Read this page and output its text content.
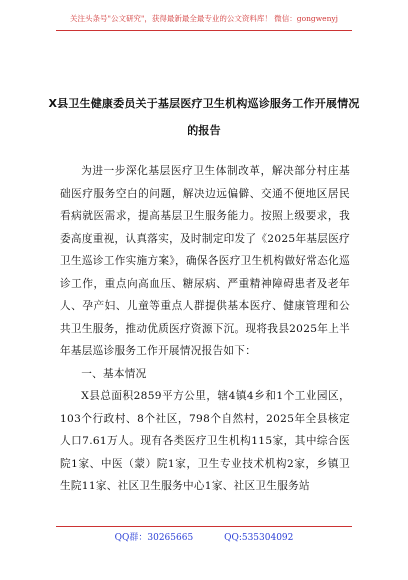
关注头条号"公文研究"，获得最新最全最专业的公文资料库！ 微信：gongwenyj
X县卫生健康委员关于基层医疗卫生机构巡诊服务工作开展情况
的报告

为进一步深化基层医疗卫生体制改革，解决部分村庄基础医疗服务空白的问题，解决边远偏僻、交通不便地区居民看病就医需求，提高基层卫生服务能力。按照上级要求，我委高度重视，认真落实，及时制定印发了《2025年基层医疗卫生巡诊工作实施方案》，确保各医疗卫生机构做好常态化巡诊工作，重点向高血压、糖尿病、严重精神障碍患者及老年人、孕产妇、儿童等重点人群提供基本医疗、健康管理和公共卫生服务，推动优质医疗资源下沉。现将我县2025年上半年基层巡诊服务工作开展情况报告如下：

一、基本情况

X县总面积2859平方公里，辖4镇4乡和1个工业园区，103个行政村、8个社区，798个自然村，2025年全县核定人口7.61万人。现有各类医疗卫生机构115家，其中综合医院1家、中医（蒙）院1家，卫生专业技术机构2家，乡镇卫生院11家、社区卫生服务中心1家、社区卫生服务站

QQ群：30265665	QQ:535304092
